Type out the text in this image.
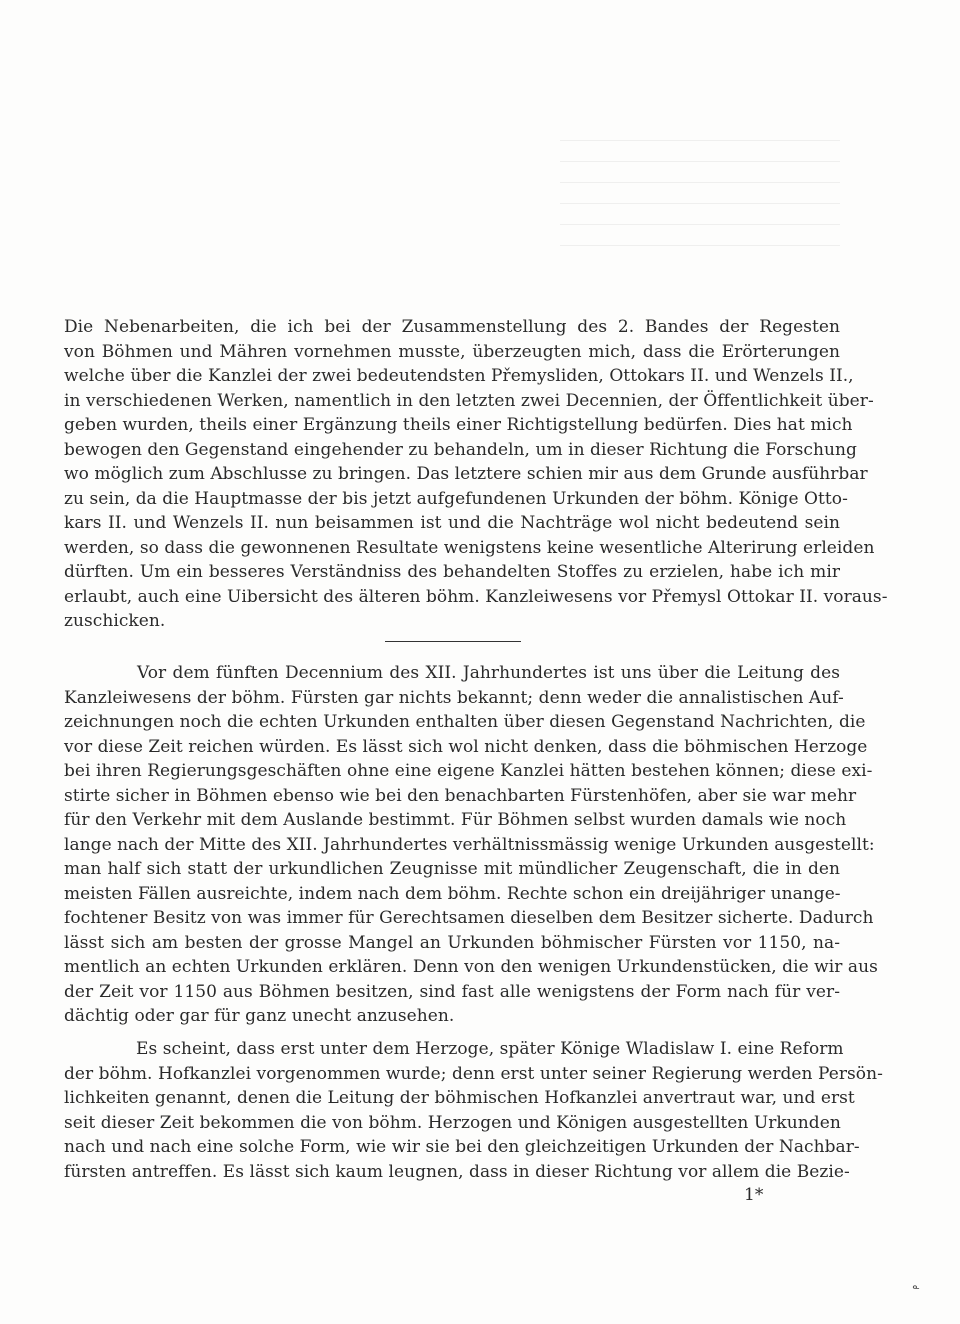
Die Nebenarbeiten, die ich bei der Zusammenstellung des 2. Bandes der Regesten
von Böhmen und Mähren vornehmen musste, überzeugten mich, dass die Erörterungen
welche über die Kanzlei der zwei bedeutendsten Přemysliden, Ottokars II. und Wenzels II.,
in verschiedenen Werken, namentlich in den letzten zwei Decennien, der Öffentlichkeit über-
geben wurden, theils einer Ergänzung theils einer Richtigstellung bedürfen. Dies hat mich
bewogen den Gegenstand eingehender zu behandeln, um in dieser Richtung die Forschung
wo möglich zum Abschlusse zu bringen. Das letztere schien mir aus dem Grunde ausführbar
zu sein, da die Hauptmasse der bis jetzt aufgefundenen Urkunden der böhm. Könige Otto-
kars II. und Wenzels II. nun beisammen ist und die Nachträge wol nicht bedeutend sein
werden, so dass die gewonnenen Resultate wenigstens keine wesentliche Alterirung erleiden
dürften. Um ein besseres Verständniss des behandelten Stoffes zu erzielen, habe ich mir
erlaubt, auch eine Uibersicht des älteren böhm. Kanzleiwesens vor Přemysl Ottokar II. voraus-
zuschicken.
Vor dem fünften Decennium des XII. Jahrhundertes ist uns über die Leitung des
Kanzleiwesens der böhm. Fürsten gar nichts bekannt; denn weder die annalistischen Auf-
zeichnungen noch die echten Urkunden enthalten über diesen Gegenstand Nachrichten, die
vor diese Zeit reichen würden. Es lässt sich wol nicht denken, dass die böhmischen Herzoge
bei ihren Regierungsgeschäften ohne eine eigene Kanzlei hätten bestehen können; diese exi-
stirte sicher in Böhmen ebenso wie bei den benachbarten Fürstenhöfen, aber sie war mehr
für den Verkehr mit dem Auslande bestimmt. Für Böhmen selbst wurden damals wie noch
lange nach der Mitte des XII. Jahrhundertes verhältnissmässig wenige Urkunden ausgestellt:
man half sich statt der urkundlichen Zeugnisse mit mündlicher Zeugenschaft, die in den
meisten Fällen ausreichte, indem nach dem böhm. Rechte schon ein dreijähriger unange-
fochtener Besitz von was immer für Gerechtsamen dieselben dem Besitzer sicherte. Dadurch
lässt sich am besten der grosse Mangel an Urkunden böhmischer Fürsten vor 1150, na-
mentlich an echten Urkunden erklären. Denn von den wenigen Urkundenstücken, die wir aus
der Zeit vor 1150 aus Böhmen besitzen, sind fast alle wenigstens der Form nach für ver-
dächtig oder gar für ganz unecht anzusehen.
Es scheint, dass erst unter dem Herzoge, später Könige Wladislaw I. eine Reform
der böhm. Hofkanzlei vorgenommen wurde; denn erst unter seiner Regierung werden Persön-
lichkeiten genannt, denen die Leitung der böhmischen Hofkanzlei anvertraut war, und erst
seit dieser Zeit bekommen die von böhm. Herzogen und Königen ausgestellten Urkunden
nach und nach eine solche Form, wie wir sie bei den gleichzeitigen Urkunden der Nachbar-
fürsten antreffen. Es lässt sich kaum leugnen, dass in dieser Richtung vor allem die Bezie-
1*
ᓐ
